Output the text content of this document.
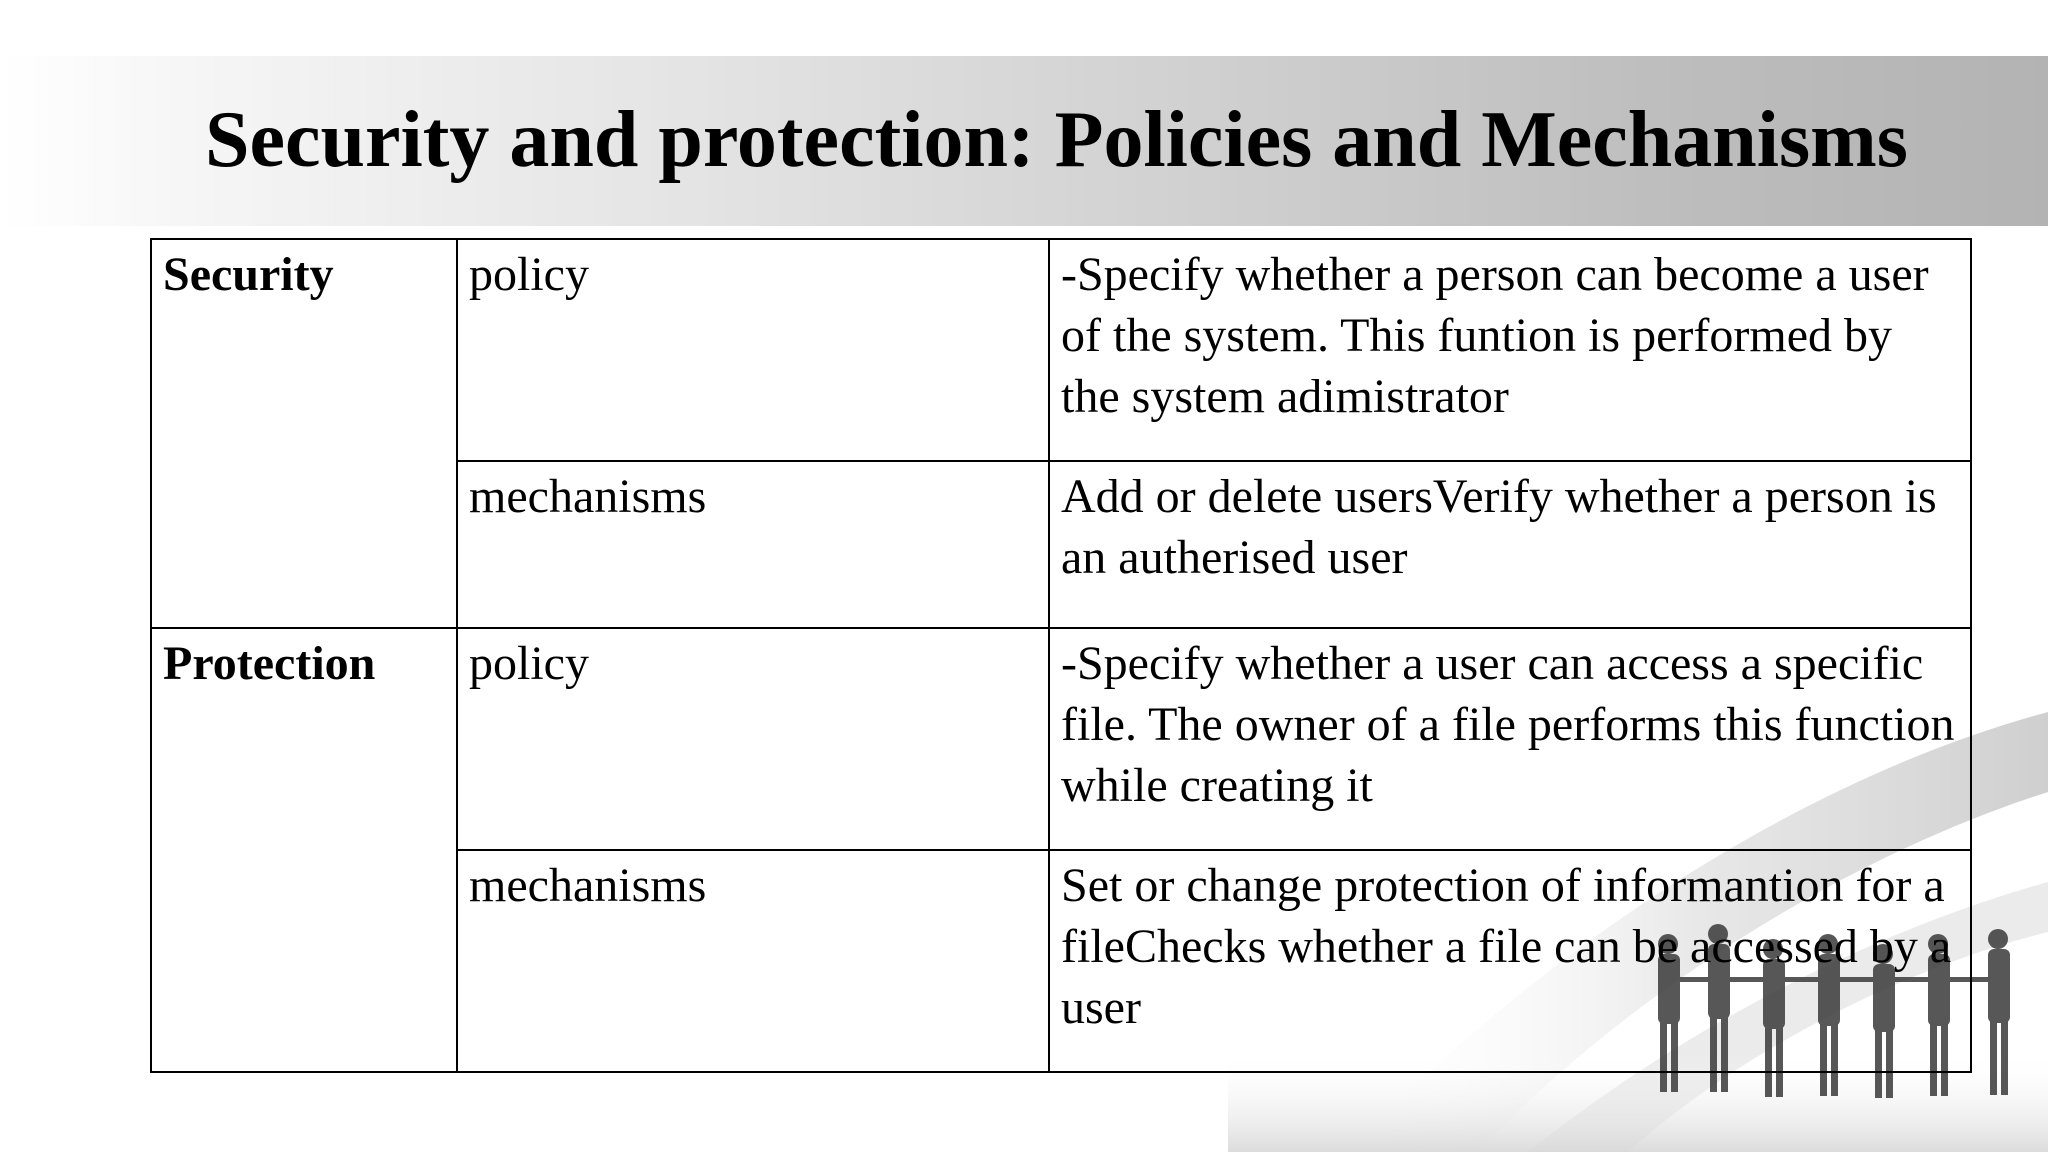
Security and protection: Policies and Mechanisms
Security	policy	-Specify whether a person can become a user of the system. This funtion is performed by the system adimistrator
	mechanisms	Add or delete usersVerify whether a person is an autherised user
Protection	policy	-Specify whether a user can access a specific file. The owner of a file performs this function while creating it
	mechanisms	Set or change protection of informantion for a fileChecks whether a file can be accessed by a user
